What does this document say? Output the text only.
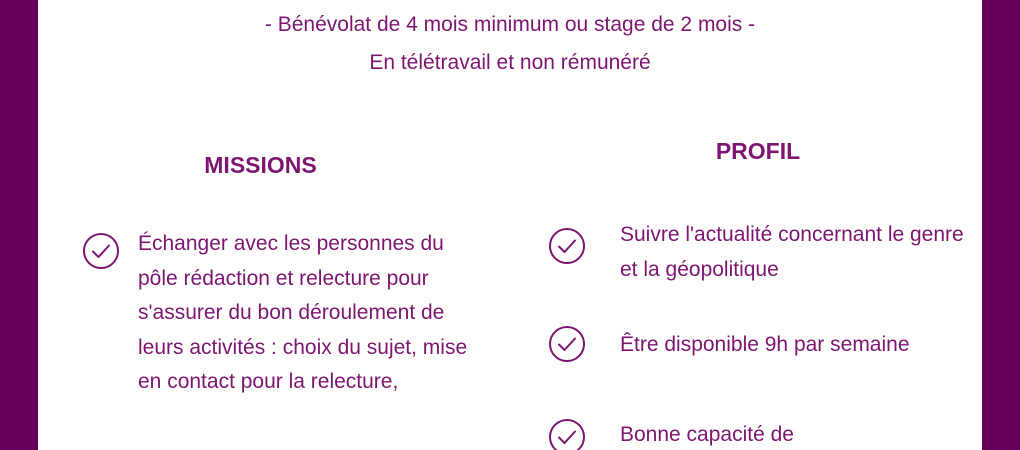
- Bénévolat de 4 mois minimum ou stage de 2 mois -

En télétravail et non rémunéré

MISSIONS
PROFIL

Échanger avec les personnes du pôle rédaction et relecture pour s'assurer du bon déroulement de leurs activités : choix du sujet, mise en contact pour la relecture,

Suivre l'actualité concernant le genre et la géopolitique

Être disponible 9h par semaine

Bonne capacité de
